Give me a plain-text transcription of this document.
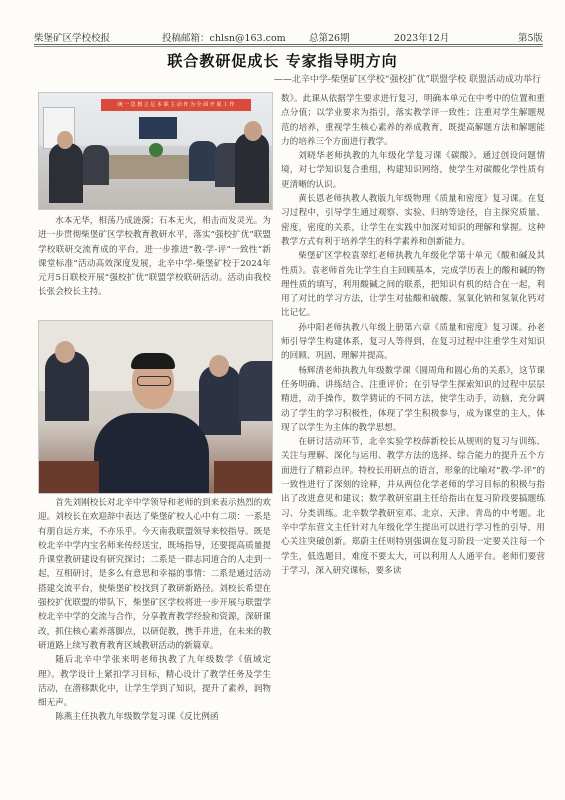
柴堡矿区学校校报	投稿邮箱：chlsn@163.com 总第26期	2023年12月	第5版
联合教研促成长 专家指导明方向
——北辛中学-柴堡矿区学校“强校扩优”联盟学校 联盟活动成功举行
统 一 思 想 立 足 本 职 主 动 作 为 全 面 开 展 工 作

水本无华，相荡乃成涟漪；石本无火，相击而发灵光。为进一步贯彻柴堡矿区学校教育教研水平，落实“强校扩优”联盟学校联研交流育成的平台，进一步推进“教-学-评”一致性“新课堂标准”活动高效深度发展，北辛中学-柴堡矿校于2024年元月5日联校开展“强校扩优”联盟学校联研活动。活动由我校长张会校长主持。

首先刘刚校长对北辛中学领导和老师的到来表示热烈的欢迎。刘校长在欢迎辞中表达了柴堡矿校人心中有二项：一系是有朋自远方来，不亦乐乎。今天南我联盟领导来校指导。既是校北辛中学内宝名师来传经送宝，既场指导，还要提高质量提升课堂教研建设有研究探讨；二系是一群志同道合的人走到一起，互相研讨，是多么有意思和幸福的事情：二系是通过活动搭建交流平台，使柴堡矿校找到了教研新路径。刘校长希望在强校扩优联盟的带队下，柴堡矿区学校将进一步开展与联盟学校北辛中学的交流与合作，分享教育教学经验和资源，深研课改，抓住核心素养落脚点，以研促教，携手并进，在未来的教研道路上续写教育教育区域教研活动的新篇章。

随后北辛中学张来明老师执教了九年级数学《值域定理》。教学设计上紧扣学习目标，精心设计了教学任务及学生活动，在潜移默化中，让学生学到了知识，提升了素养，润物细无声。

陈燕主任执教九年级数学复习课《反比例函

数》。此课从依据学生要求进行复习，明确本单元在中考中的位置和重点分值；以学业要求为指引，落实教学评一致性；注重对学生解题规范的培养，重视学生核心素养的养成教育，既提高解题方法和解题能力的培养三个方面进行教学。

刘晓华老师执教的九年级化学复习课《碳酸》。通过创设问题情境，对七学知识复合重组，构建知识网络，使学生对碳酸化学性质有更清晰的认识。

黄长恩老师执教人教版九年级物理《质量和密度》复习课。在复习过程中，引导学生通过观察、实验、归纳等途径，自主探究质量、密度，密度的关系，让学生在实践中加深对知识的理解和掌握。这种教学方式有利于培养学生的科学素养和创新能力。

柴堡矿区学校袁翠红老师执教九年级化学第十单元《酸和碱及其性质》。袁老师首先让学生自主回顾基本，完成学历表上的酸和碱的物理性质的填写，利用酸碱之间的联系，把知识有机的结合在一起，利用了对比的学习方法，让学生对盐酸和硫酸、氢氧化钠和氢氧化钙对比记忆。

孙中阳老师执教八年级上册第六章《质量和密度》复习课。孙老师引导学生构建体系，复习人等得到，在复习过程中注重学生对知识的回顾、巩固、理解并提高。

杨辉清老师执教九年级数学课《圆周角和圆心角的关系》，这节课任务明确、讲练结合、注重评价；在引导学生探索知识的过程中层层精进，动手操作，数学猜证的不同方法，使学生动手，动脑，充分调动了学生的学习积极性，体现了学生积极参与，成为课堂的主人，体现了以学生为主体的教学思想。

在研讨活动环节，北辛实验学校薛新校长从规则的复习与训练、关注与理解、深化与运用、教学方法的选择、综合能力的提升五个方面进行了精彩点评。特校长用研点的语言，形象的比喻对“教-学-评”的一致性进行了深刻的诠释，并从两位化学老师的学习目标的积极与指出了改进意见和建议；数学教研室副主任给指出在复习阶段要搞题练习、分类训练。北辛数学教研室邓、北京、天津、青岛的中考题。北辛中学东营文主任针对九年级化学生提出可以进行学习性的引导，用心关注突破创新。郑蔚主任则特别强调在复习阶段一定要关注每一个学生，低选题目，难度不要太大，可以利用人人通平台。老师们要营于学习，深入研究课标，要多读
